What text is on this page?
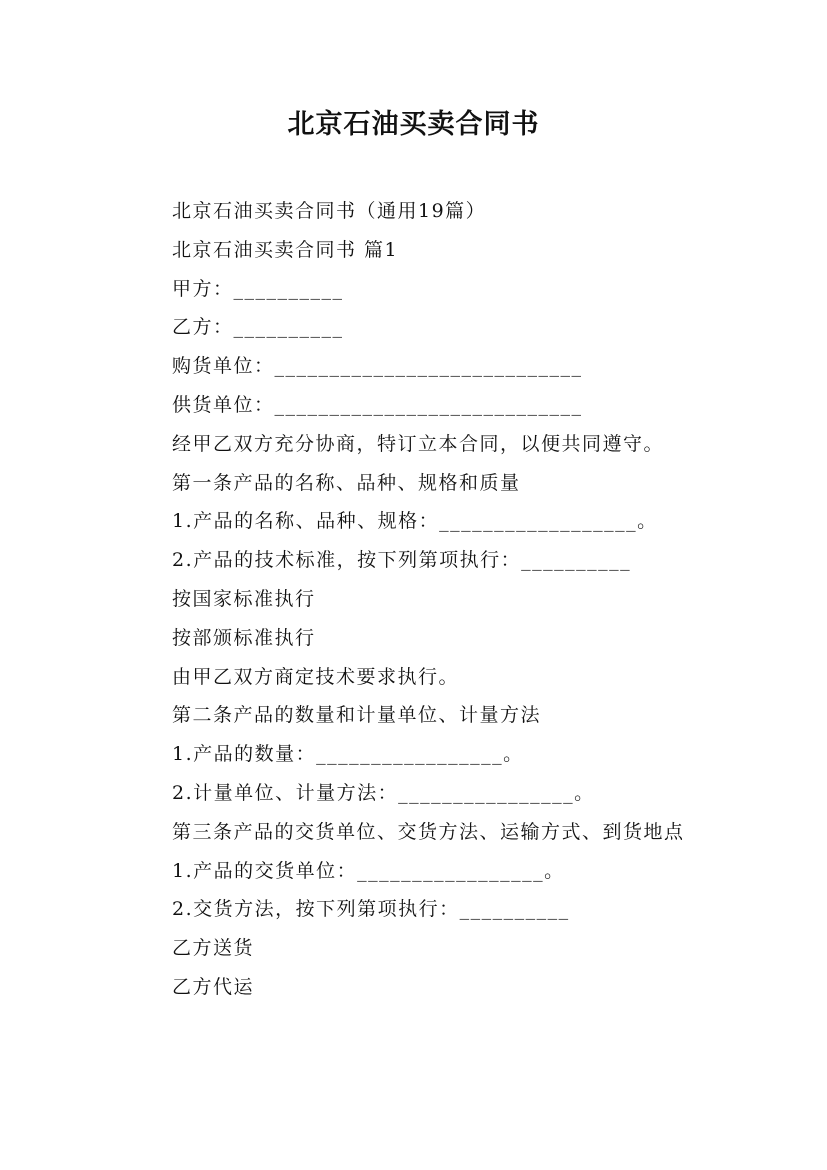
北京石油买卖合同书
北京石油买卖合同书（通用19篇）
北京石油买卖合同书 篇1
甲方：__________
乙方：__________
购货单位：____________________________
供货单位：____________________________
经甲乙双方充分协商，特订立本合同，以便共同遵守。
第一条产品的名称、品种、规格和质量
1.产品的名称、品种、规格：__________________。
2.产品的技术标准，按下列第项执行：__________
按国家标准执行
按部颁标准执行
由甲乙双方商定技术要求执行。
第二条产品的数量和计量单位、计量方法
1.产品的数量：_________________。
2.计量单位、计量方法：________________。
第三条产品的交货单位、交货方法、运输方式、到货地点
1.产品的交货单位：_________________。
2.交货方法，按下列第项执行：__________
乙方送货
乙方代运
